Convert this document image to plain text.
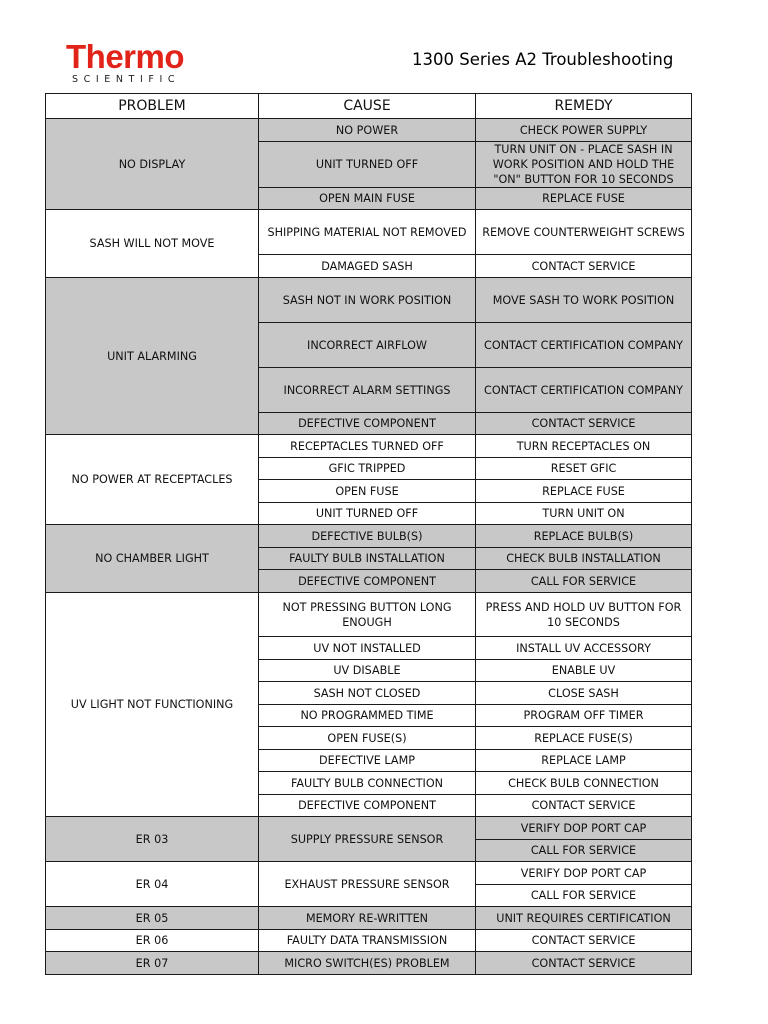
Thermo
SCIENTIFIC
1300 Series A2 Troubleshooting
PROBLEM	CAUSE	REMEDY
NO DISPLAY	NO POWER	CHECK POWER SUPPLY
	UNIT TURNED OFF	TURN UNIT ON - PLACE SASH IN WORK POSITION AND HOLD THE "ON" BUTTON FOR 10 SECONDS
	OPEN MAIN FUSE	REPLACE FUSE
SASH WILL NOT MOVE	SHIPPING MATERIAL NOT REMOVED	REMOVE COUNTERWEIGHT SCREWS
	DAMAGED SASH	CONTACT SERVICE
UNIT ALARMING	SASH NOT IN WORK POSITION	MOVE SASH TO WORK POSITION
	INCORRECT AIRFLOW	CONTACT CERTIFICATION COMPANY
	INCORRECT ALARM SETTINGS	CONTACT CERTIFICATION COMPANY
	DEFECTIVE COMPONENT	CONTACT SERVICE
NO POWER AT RECEPTACLES	RECEPTACLES TURNED OFF	TURN RECEPTACLES ON
	GFIC TRIPPED	RESET GFIC
	OPEN FUSE	REPLACE FUSE
	UNIT TURNED OFF	TURN UNIT ON
NO CHAMBER LIGHT	DEFECTIVE BULB(S)	REPLACE BULB(S)
	FAULTY BULB INSTALLATION	CHECK BULB INSTALLATION
	DEFECTIVE COMPONENT	CALL FOR SERVICE
UV LIGHT NOT FUNCTIONING	NOT PRESSING BUTTON LONG ENOUGH	PRESS AND HOLD UV BUTTON FOR 10 SECONDS
	UV NOT INSTALLED	INSTALL UV ACCESSORY
	UV DISABLE	ENABLE UV
	SASH NOT CLOSED	CLOSE SASH
	NO PROGRAMMED TIME	PROGRAM OFF TIMER
	OPEN FUSE(S)	REPLACE FUSE(S)
	DEFECTIVE LAMP	REPLACE LAMP
	FAULTY BULB CONNECTION	CHECK BULB CONNECTION
	DEFECTIVE COMPONENT	CONTACT SERVICE
ER 03	SUPPLY PRESSURE SENSOR	VERIFY DOP PORT CAP
		CALL FOR SERVICE
ER 04	EXHAUST PRESSURE SENSOR	VERIFY DOP PORT CAP
		CALL FOR SERVICE
ER 05	MEMORY RE-WRITTEN	UNIT REQUIRES CERTIFICATION
ER 06	FAULTY DATA TRANSMISSION	CONTACT SERVICE
ER 07	MICRO SWITCH(ES) PROBLEM	CONTACT SERVICE
